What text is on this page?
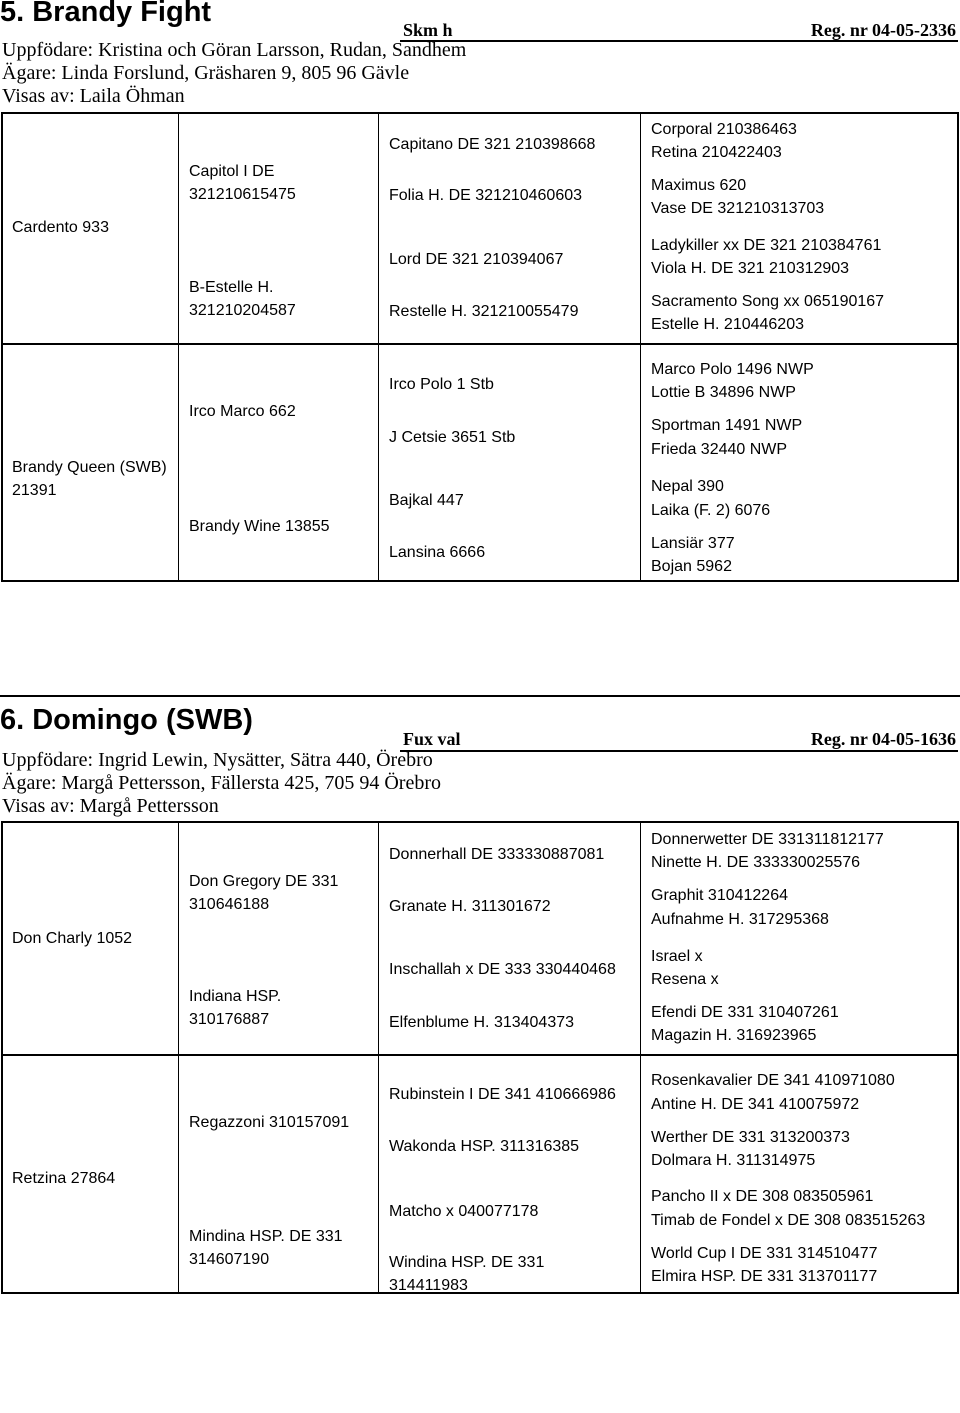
5. Brandy Fight
Skm h	Reg. nr 04-05-2336
Uppfödare: Kristina och Göran Larsson, Rudan, Sandhem
Ägare: Linda Forslund, Gräsharen 9, 805 96 Gävle
Visas av: Laila Öhman
Cardento 933
Capitol I DE
321210615475
B-Estelle H.
321210204587
Capitano DE 321 210398668
Folia H. DE 321210460603
Lord DE 321 210394067
Restelle H. 321210055479
Corporal 210386463
Retina 210422403
Maximus 620
Vase DE 321210313703
Ladykiller xx DE 321 210384761
Viola H. DE 321 210312903
Sacramento Song xx 065190167
Estelle H. 210446203
Brandy Queen (SWB)
21391
Irco Marco 662
Brandy Wine 13855
Irco Polo 1 Stb
J Cetsie 3651 Stb
Bajkal 447
Lansina 6666
Marco Polo 1496 NWP
Lottie B 34896 NWP
Sportman 1491 NWP
Frieda 32440 NWP
Nepal 390
Laika (F. 2) 6076
Lansiär 377
Bojan 5962
6. Domingo (SWB)
Fux val	Reg. nr 04-05-1636
Uppfödare: Ingrid Lewin, Nysätter, Sätra 440, Örebro
Ägare: Margå Pettersson, Fällersta 425, 705 94 Örebro
Visas av: Margå Pettersson
Don Charly 1052
Don Gregory DE 331
310646188
Indiana HSP.
310176887
Donnerhall DE 333330887081
Granate H. 311301672
Inschallah x DE 333 330440468
Elfenblume H. 313404373
Donnerwetter DE 331311812177
Ninette H. DE 333330025576
Graphit 310412264
Aufnahme H. 317295368
Israel x
Resena x
Efendi DE 331 310407261
Magazin H. 316923965
Retzina 27864
Regazzoni 310157091
Mindina HSP. DE 331
314607190
Rubinstein I DE 341 410666986
Wakonda HSP. 311316385
Matcho x 040077178
Windina HSP. DE 331
314411983
Rosenkavalier DE 341 410971080
Antine H. DE 341 410075972
Werther DE 331 313200373
Dolmara H. 311314975
Pancho II x DE 308 083505961
Timab de Fondel x DE 308 083515263
World Cup I DE 331 314510477
Elmira HSP. DE 331 313701177
